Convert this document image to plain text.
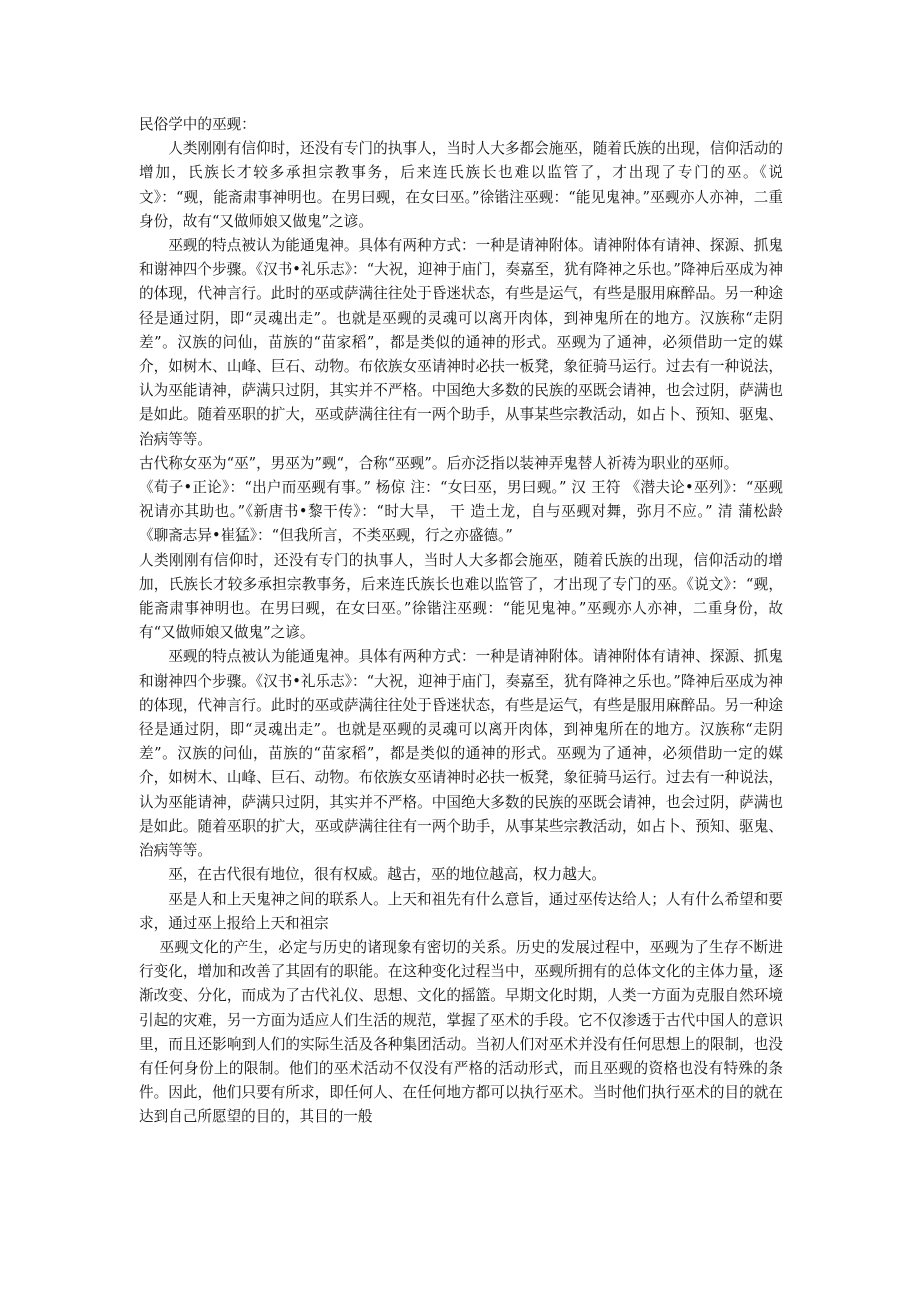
民俗学中的巫觋：

人类刚刚有信仰时，还没有专门的执事人，当时人大多都会施巫，随着氏族的出现，信仰活动的增加，氏族长才较多承担宗教事务，后来连氏族长也难以监管了，才出现了专门的巫。《说文》：“觋，能斋肃事神明也。在男曰觋，在女曰巫。”徐锴注巫觋：“能见鬼神。”巫觋亦人亦神，二重身份，故有“又做师娘又做鬼”之谚。

巫觋的特点被认为能通鬼神。具体有两种方式：一种是请神附体。请神附体有请神、探源、抓鬼和谢神四个步骤。《汉书•礼乐志》：“大祝，迎神于庙门，奏嘉至，犹有降神之乐也。”降神后巫成为神的体现，代神言行。此时的巫或萨满往往处于昏迷状态，有些是运气，有些是服用麻醉品。另一种途径是通过阴，即“灵魂出走”。也就是巫觋的灵魂可以离开肉体，到神鬼所在的地方。汉族称“走阴差”。汉族的问仙，苗族的“苗家稻”，都是类似的通神的形式。巫觋为了通神，必须借助一定的媒介，如树木、山峰、巨石、动物。布依族女巫请神时必扶一板凳，象征骑马运行。过去有一种说法，认为巫能请神，萨满只过阴，其实并不严格。中国绝大多数的民族的巫既会请神，也会过阴，萨满也是如此。随着巫职的扩大，巫或萨满往往有一两个助手，从事某些宗教活动，如占卜、预知、驱鬼、治病等等。

古代称女巫为“巫”，男巫为”觋“，合称“巫觋”。后亦泛指以装神弄鬼替人祈祷为职业的巫师。

《荀子•正论》：“出户而巫觋有事。” 杨倞 注：“女曰巫，男曰觋。” 汉 王符 《潜夫论•巫列》：“巫觋祝请亦其助也。”《新唐书•黎干传》：“时大旱， 干 造土龙，自与巫觋对舞，弥月不应。” 清 蒲松龄 《聊斋志异•崔猛》：“但我所言，不类巫觋，行之亦盛德。”

人类刚刚有信仰时，还没有专门的执事人，当时人大多都会施巫，随着氏族的出现，信仰活动的增加，氏族长才较多承担宗教事务，后来连氏族长也难以监管了，才出现了专门的巫。《说文》：“觋，能斋肃事神明也。在男曰觋，在女曰巫。”徐锴注巫觋：“能见鬼神。”巫觋亦人亦神，二重身份，故有“又做师娘又做鬼”之谚。

巫觋的特点被认为能通鬼神。具体有两种方式：一种是请神附体。请神附体有请神、探源、抓鬼和谢神四个步骤。《汉书•礼乐志》：“大祝，迎神于庙门，奏嘉至，犹有降神之乐也。”降神后巫成为神的体现，代神言行。此时的巫或萨满往往处于昏迷状态，有些是运气，有些是服用麻醉品。另一种途径是通过阴，即“灵魂出走”。也就是巫觋的灵魂可以离开肉体，到神鬼所在的地方。汉族称“走阴差”。汉族的问仙，苗族的“苗家稻”，都是类似的通神的形式。巫觋为了通神，必须借助一定的媒介，如树木、山峰、巨石、动物。布依族女巫请神时必扶一板凳，象征骑马运行。过去有一种说法，认为巫能请神，萨满只过阴，其实并不严格。中国绝大多数的民族的巫既会请神，也会过阴，萨满也是如此。随着巫职的扩大，巫或萨满往往有一两个助手，从事某些宗教活动，如占卜、预知、驱鬼、治病等等。

巫，在古代很有地位，很有权威。越古，巫的地位越高，权力越大。

巫是人和上天鬼神之间的联系人。上天和祖先有什么意旨，通过巫传达给人；人有什么希望和要求，通过巫上报给上天和祖宗

巫觋文化的产生，必定与历史的诸现象有密切的关系。历史的发展过程中，巫觋为了生存不断进行变化，增加和改善了其固有的职能。在这种变化过程当中，巫觋所拥有的总体文化的主体力量，逐渐改变、分化，而成为了古代礼仪、思想、文化的摇篮。早期文化时期，人类一方面为克服自然环境引起的灾难，另一方面为适应人们生活的规范，掌握了巫术的手段。它不仅渗透于古代中国人的意识里，而且还影响到人们的实际生活及各种集团活动。当初人们对巫术并没有任何思想上的限制，也没有任何身份上的限制。他们的巫术活动不仅没有严格的活动形式，而且巫觋的资格也没有特殊的条件。因此，他们只要有所求，即任何人、在任何地方都可以执行巫术。当时他们执行巫术的目的就在达到自己所愿望的目的，其目的一般
